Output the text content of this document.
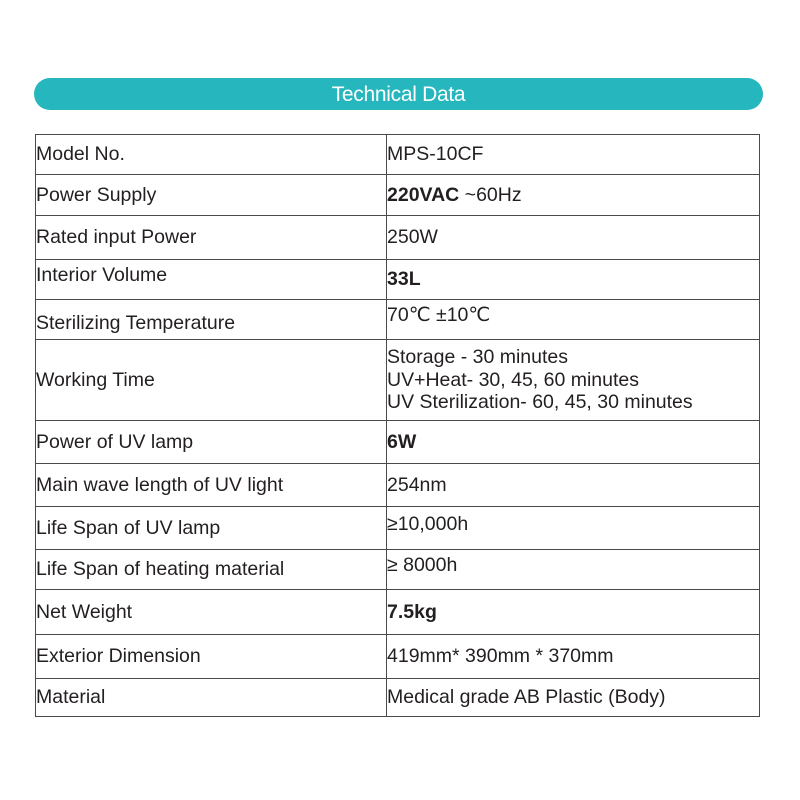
Technical Data
Model No.	MPS-10CF
Power Supply	220VAC ~60Hz
Rated input Power	250W
Interior Volume	33L
Sterilizing Temperature	70℃ ±10℃
Working Time	Storage - 30 minutes
UV+Heat- 30, 45, 60 minutes
UV Sterilization- 60, 45, 30 minutes

Power of UV lamp	6W
Main wave length of UV light	254nm
Life Span of UV lamp	≥10,000h
Life Span of heating material	≥ 8000h
Net Weight	7.5kg
Exterior Dimension	419mm* 390mm * 370mm
Material	Medical grade AB Plastic (Body)
